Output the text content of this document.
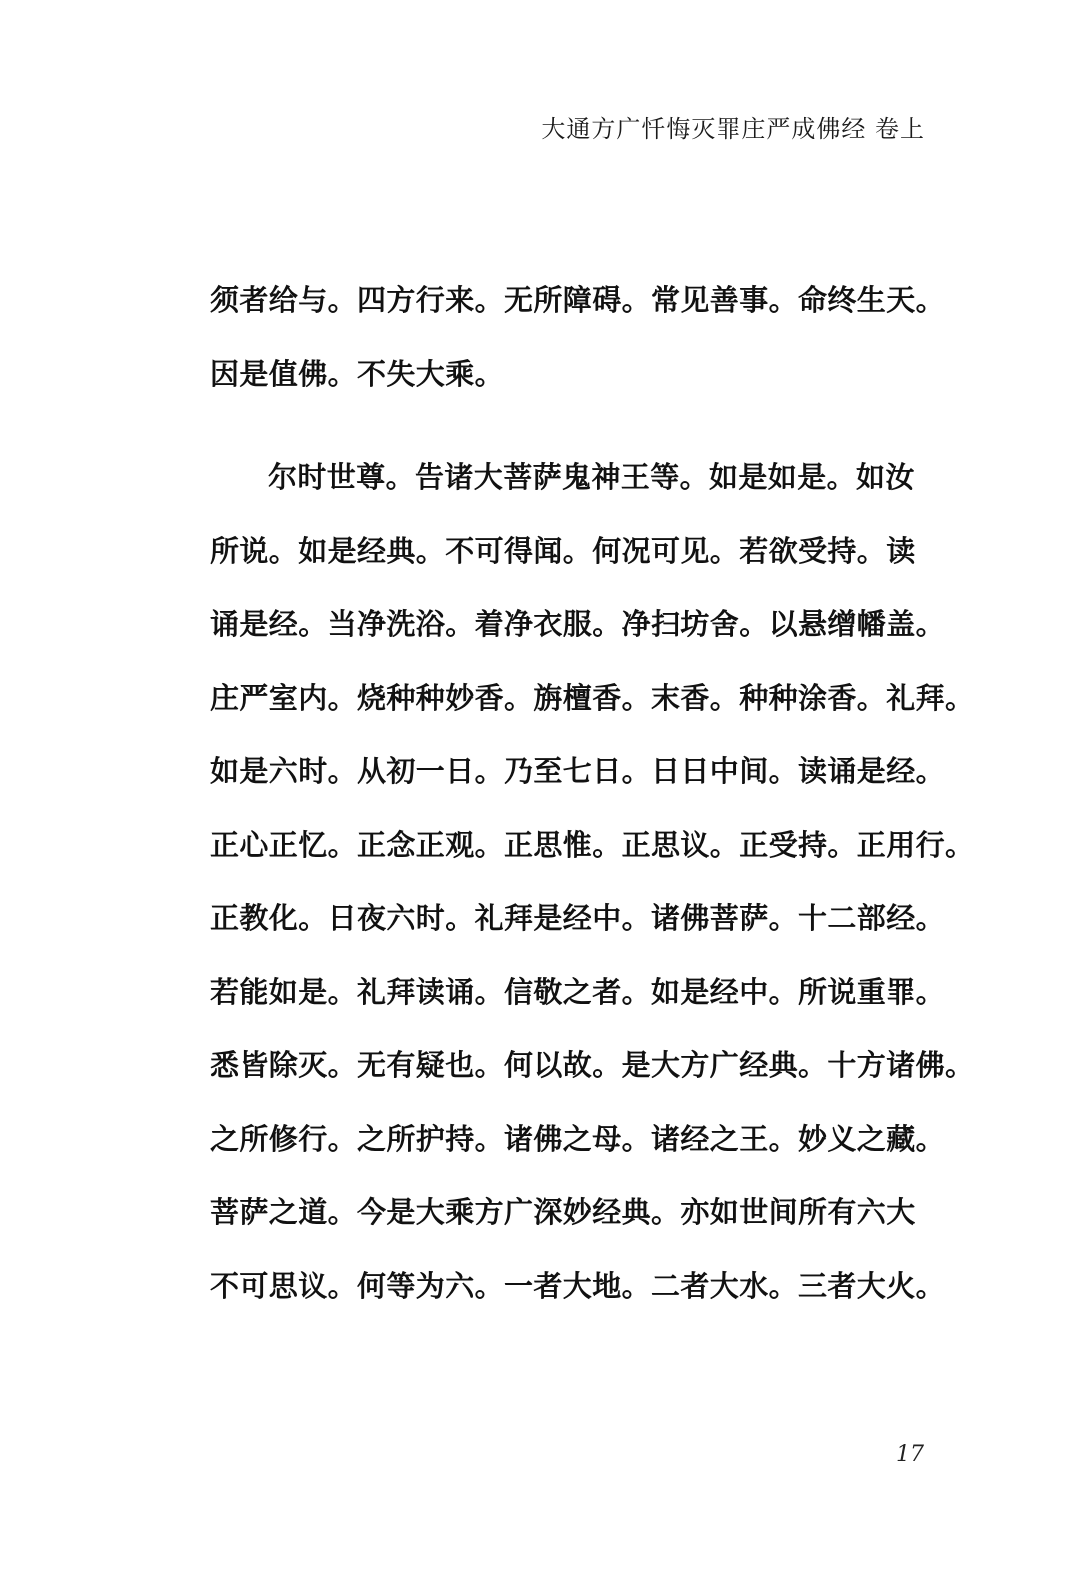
大通方广忏悔灭罪庄严成佛经 卷上
须者给与。四方行来。无所障碍。常见善事。命终生天。
因是值佛。不失大乘。
尔时世尊。告诸大菩萨鬼神王等。如是如是。如汝
所说。如是经典。不可得闻。何况可见。若欲受持。读
诵是经。当净洗浴。着净衣服。净扫坊舍。以悬缯幡盖。
庄严室内。烧种种妙香。旃檀香。末香。种种涂香。礼拜。
如是六时。从初一日。乃至七日。日日中间。读诵是经。
正心正忆。正念正观。正思惟。正思议。正受持。正用行。
正教化。日夜六时。礼拜是经中。诸佛菩萨。十二部经。
若能如是。礼拜读诵。信敬之者。如是经中。所说重罪。
悉皆除灭。无有疑也。何以故。是大方广经典。十方诸佛。
之所修行。之所护持。诸佛之母。诸经之王。妙义之藏。
菩萨之道。今是大乘方广深妙经典。亦如世间所有六大
不可思议。何等为六。一者大地。二者大水。三者大火。
17
